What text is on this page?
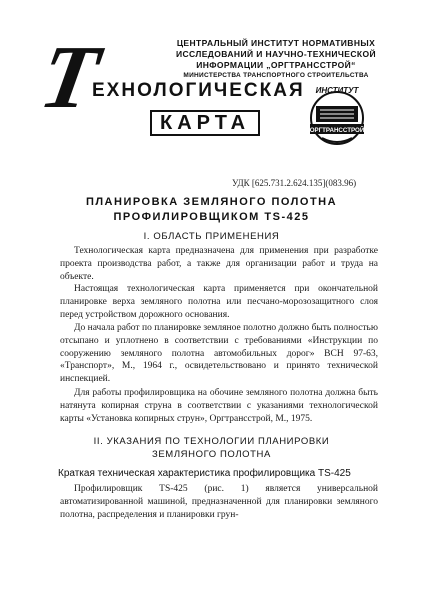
Т
ЕХНОЛОГИЧЕСКАЯ
КАРТА
ЦЕНТРАЛЬНЫЙ ИНСТИТУТ НОРМАТИВНЫХ
ИССЛЕДОВАНИЙ И НАУЧНО-ТЕХНИЧЕСКОЙ
ИНФОРМАЦИИ „ОРГТРАНССТРОЙ“
МИНИСТЕРСТВА ТРАНСПОРТНОГО СТРОИТЕЛЬСТВА
ИНСТИТУТ
ОРГТРАНССТРОЙ
УДК [625.731.2.624.135](083.96)
ПЛАНИРОВКА ЗЕМЛЯНОГО ПОЛОТНА
ПРОФИЛИРОВЩИКОМ TS-425
I. ОБЛАСТЬ ПРИМЕНЕНИЯ
Технологическая карта предназначена для применения при разработке проекта производства работ, а также для организации работ и труда на объекте.
Настоящая технологическая карта применяется при окончательной планировке верха земляного полотна или песчано-морозозащитного слоя перед устройством дорожного основания.
До начала работ по планировке земляное полотно должно быть полностью отсыпано и уплотнено в соответствии с требованиями «Инструкции по сооружению земляного полотна автомобильных дорог» ВСН 97-63, «Транспорт», М., 1964 г., освидетельствовано и принято технической инспекцией.
Для работы профилировщика на обочине земляного полотна должна быть натянута копирная струна в соответствии с указаниями технологической карты «Установка копирных струн», Оргтрансстрой, М., 1975.
II. УКАЗАНИЯ ПО ТЕХНОЛОГИИ ПЛАНИРОВКИ
ЗЕМЛЯНОГО ПОЛОТНА
Краткая техническая характеристика профилировщика TS-425
Профилировщик TS-425 (рис. 1) является универсальной автоматизированной машиной, предназначенной для планировки земляного полотна, распределения и планировки грун-
